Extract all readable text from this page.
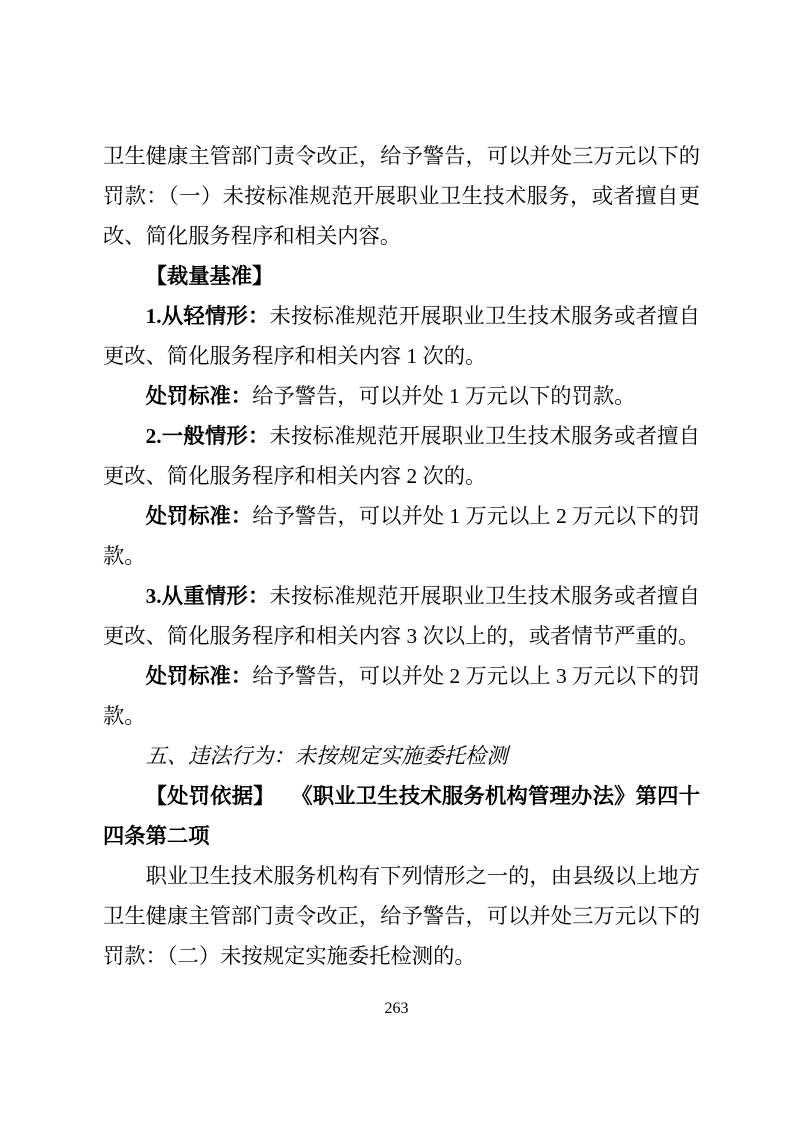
卫生健康主管部门责令改正，给予警告，可以并处三万元以下的罚款：（一）未按标准规范开展职业卫生技术服务，或者擅自更改、简化服务程序和相关内容。

【裁量基准】

1.从轻情形：未按标准规范开展职业卫生技术服务或者擅自更改、简化服务程序和相关内容 1 次的。

处罚标准：给予警告，可以并处 1 万元以下的罚款。

2.一般情形：未按标准规范开展职业卫生技术服务或者擅自更改、简化服务程序和相关内容 2 次的。

处罚标准：给予警告，可以并处 1 万元以上 2 万元以下的罚款。

3.从重情形：未按标准规范开展职业卫生技术服务或者擅自更改、简化服务程序和相关内容 3 次以上的，或者情节严重的。

处罚标准：给予警告，可以并处 2 万元以上 3 万元以下的罚款。

五、违法行为：未按规定实施委托检测

【处罚依据】　 《职业卫生技术服务机构管理办法》第四十四条第二项

职业卫生技术服务机构有下列情形之一的，由县级以上地方卫生健康主管部门责令改正，给予警告，可以并处三万元以下的罚款：（二）未按规定实施委托检测的。

263
